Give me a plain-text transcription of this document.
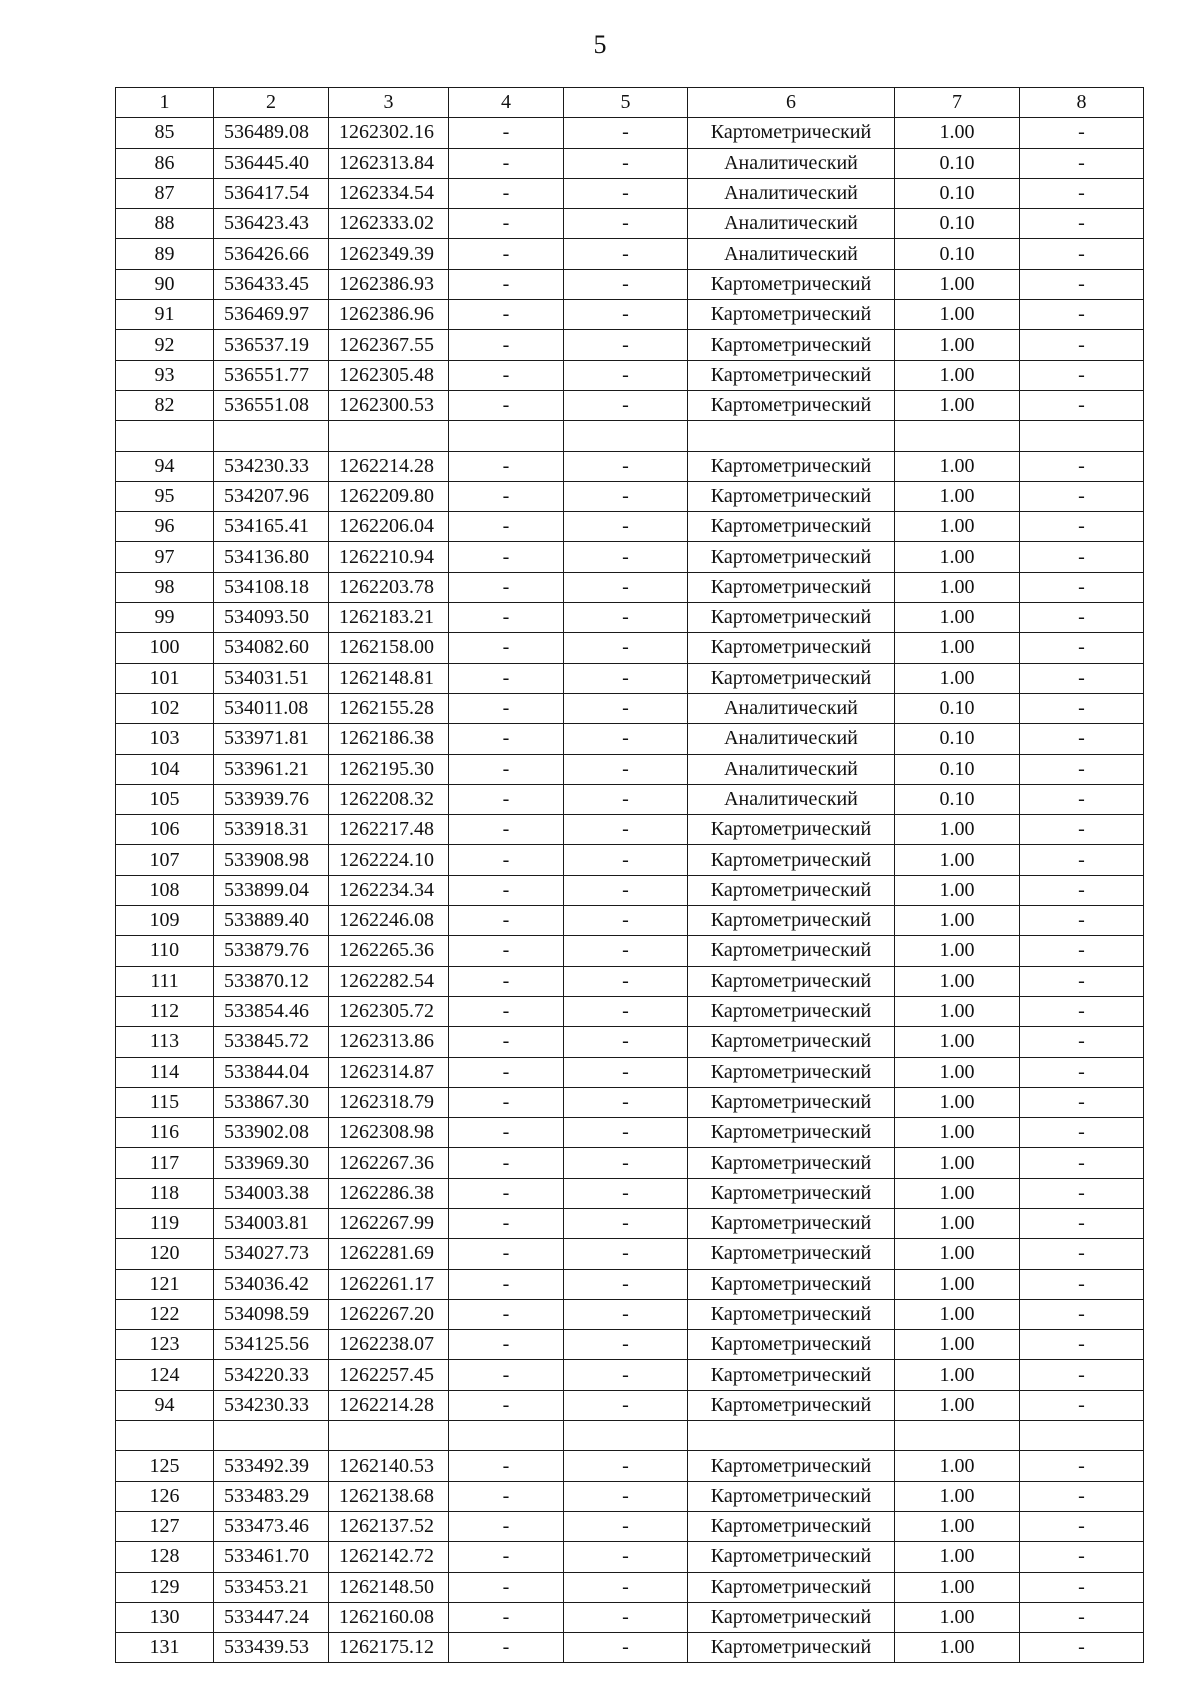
5
1	2	3	4	5	6	7	8
85	536489.08	1262302.16	-	-	Картометрический	1.00	-
86	536445.40	1262313.84	-	-	Аналитический	0.10	-
87	536417.54	1262334.54	-	-	Аналитический	0.10	-
88	536423.43	1262333.02	-	-	Аналитический	0.10	-
89	536426.66	1262349.39	-	-	Аналитический	0.10	-
90	536433.45	1262386.93	-	-	Картометрический	1.00	-
91	536469.97	1262386.96	-	-	Картометрический	1.00	-
92	536537.19	1262367.55	-	-	Картометрический	1.00	-
93	536551.77	1262305.48	-	-	Картометрический	1.00	-
82	536551.08	1262300.53	-	-	Картометрический	1.00	-

94	534230.33	1262214.28	-	-	Картометрический	1.00	-
95	534207.96	1262209.80	-	-	Картометрический	1.00	-
96	534165.41	1262206.04	-	-	Картометрический	1.00	-
97	534136.80	1262210.94	-	-	Картометрический	1.00	-
98	534108.18	1262203.78	-	-	Картометрический	1.00	-
99	534093.50	1262183.21	-	-	Картометрический	1.00	-
100	534082.60	1262158.00	-	-	Картометрический	1.00	-
101	534031.51	1262148.81	-	-	Картометрический	1.00	-
102	534011.08	1262155.28	-	-	Аналитический	0.10	-
103	533971.81	1262186.38	-	-	Аналитический	0.10	-
104	533961.21	1262195.30	-	-	Аналитический	0.10	-
105	533939.76	1262208.32	-	-	Аналитический	0.10	-
106	533918.31	1262217.48	-	-	Картометрический	1.00	-
107	533908.98	1262224.10	-	-	Картометрический	1.00	-
108	533899.04	1262234.34	-	-	Картометрический	1.00	-
109	533889.40	1262246.08	-	-	Картометрический	1.00	-
110	533879.76	1262265.36	-	-	Картометрический	1.00	-
111	533870.12	1262282.54	-	-	Картометрический	1.00	-
112	533854.46	1262305.72	-	-	Картометрический	1.00	-
113	533845.72	1262313.86	-	-	Картометрический	1.00	-
114	533844.04	1262314.87	-	-	Картометрический	1.00	-
115	533867.30	1262318.79	-	-	Картометрический	1.00	-
116	533902.08	1262308.98	-	-	Картометрический	1.00	-
117	533969.30	1262267.36	-	-	Картометрический	1.00	-
118	534003.38	1262286.38	-	-	Картометрический	1.00	-
119	534003.81	1262267.99	-	-	Картометрический	1.00	-
120	534027.73	1262281.69	-	-	Картометрический	1.00	-
121	534036.42	1262261.17	-	-	Картометрический	1.00	-
122	534098.59	1262267.20	-	-	Картометрический	1.00	-
123	534125.56	1262238.07	-	-	Картометрический	1.00	-
124	534220.33	1262257.45	-	-	Картометрический	1.00	-
94	534230.33	1262214.28	-	-	Картометрический	1.00	-

125	533492.39	1262140.53	-	-	Картометрический	1.00	-
126	533483.29	1262138.68	-	-	Картометрический	1.00	-
127	533473.46	1262137.52	-	-	Картометрический	1.00	-
128	533461.70	1262142.72	-	-	Картометрический	1.00	-
129	533453.21	1262148.50	-	-	Картометрический	1.00	-
130	533447.24	1262160.08	-	-	Картометрический	1.00	-
131	533439.53	1262175.12	-	-	Картометрический	1.00	-
